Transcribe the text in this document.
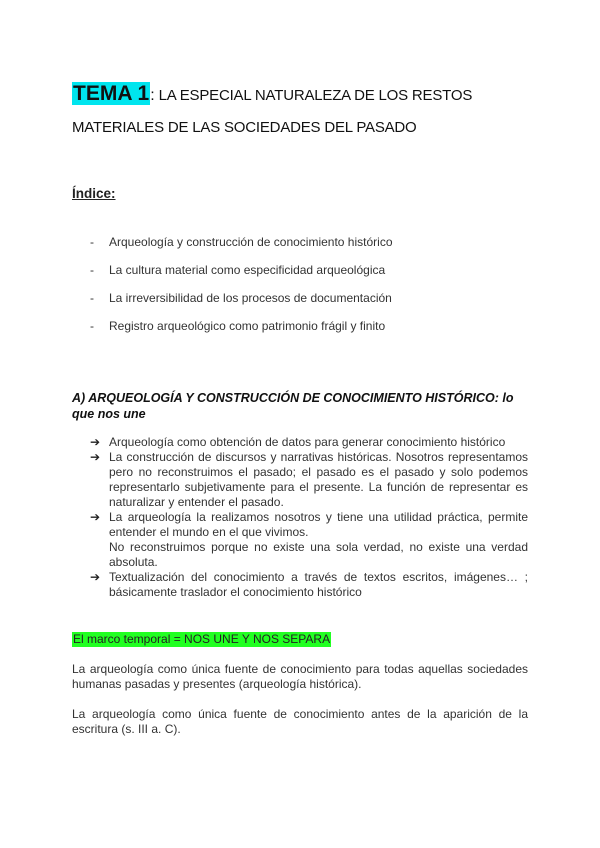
TEMA 1: LA ESPECIAL NATURALEZA DE LOS RESTOS MATERIALES DE LAS SOCIEDADES DEL PASADO
Índice:
- Arqueología y construcción de conocimiento histórico
- La cultura material como especificidad arqueológica
- La irreversibilidad de los procesos de documentación
- Registro arqueológico como patrimonio frágil y finito
A) ARQUEOLOGÍA Y CONSTRUCCIÓN DE CONOCIMIENTO HISTÓRICO: lo que nos une
➔ Arqueología como obtención de datos para generar conocimiento histórico
➔ La construcción de discursos y narrativas históricas. Nosotros representamos pero no reconstruimos el pasado; el pasado es el pasado y solo podemos representarlo subjetivamente para el presente. La función de representar es naturalizar y entender el pasado.
➔ La arqueología la realizamos nosotros y tiene una utilidad práctica, permite entender el mundo en el que vivimos.
No reconstruimos porque no existe una sola verdad, no existe una verdad absoluta.
➔ Textualización del conocimiento a través de textos escritos, imágenes… ; básicamente traslador el conocimiento histórico
El marco temporal = NOS UNE Y NOS SEPARA
La arqueología como única fuente de conocimiento para todas aquellas sociedades humanas pasadas y presentes (arqueología histórica).
La arqueología como única fuente de conocimiento antes de la aparición de la escritura (s. III a. C).
